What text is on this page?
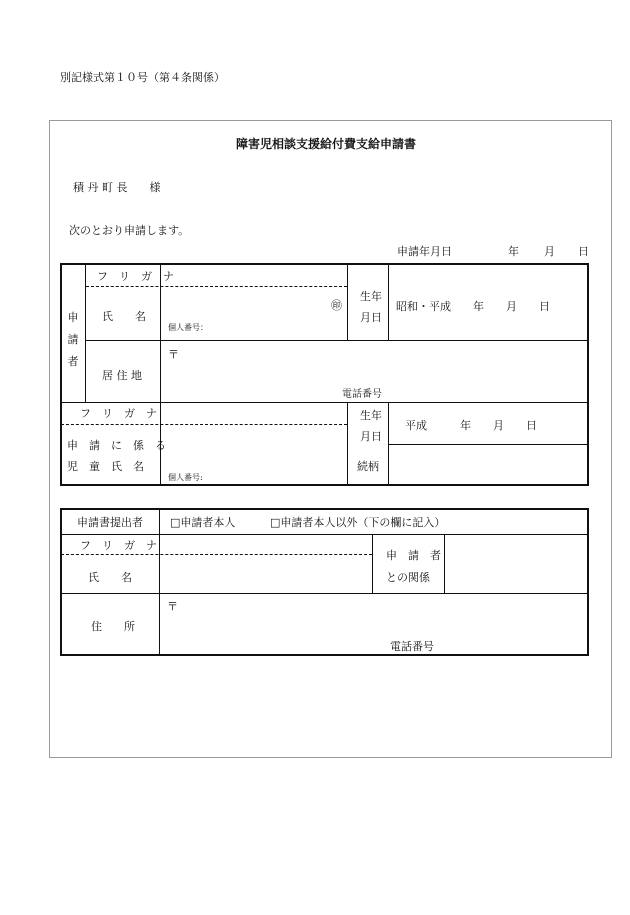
別記様式第１０号（第４条関係）
障害児相談支援給付費支給申請書
積 丹 町 長　　様
次のとおり申請します。
申請年月日	年 月 日
申請者
フ　リ　ガ　ナ
氏　　名
㊞
個人番号：
生年
月日
昭和・平成　　年　　月　　日
居 住 地
〒
電話番号
フ　リ　ガ　ナ
申　請　に　係　る
児　童　氏　名
個人番号:
生年
月日
平成　　　年　　月　　日
続柄
申請書提出者 □申請者本人	□申請者本人以外（下の欄に記入）
フ　リ　ガ　ナ
氏　　名
申　請　者
との関係
住　　所
〒
電話番号
